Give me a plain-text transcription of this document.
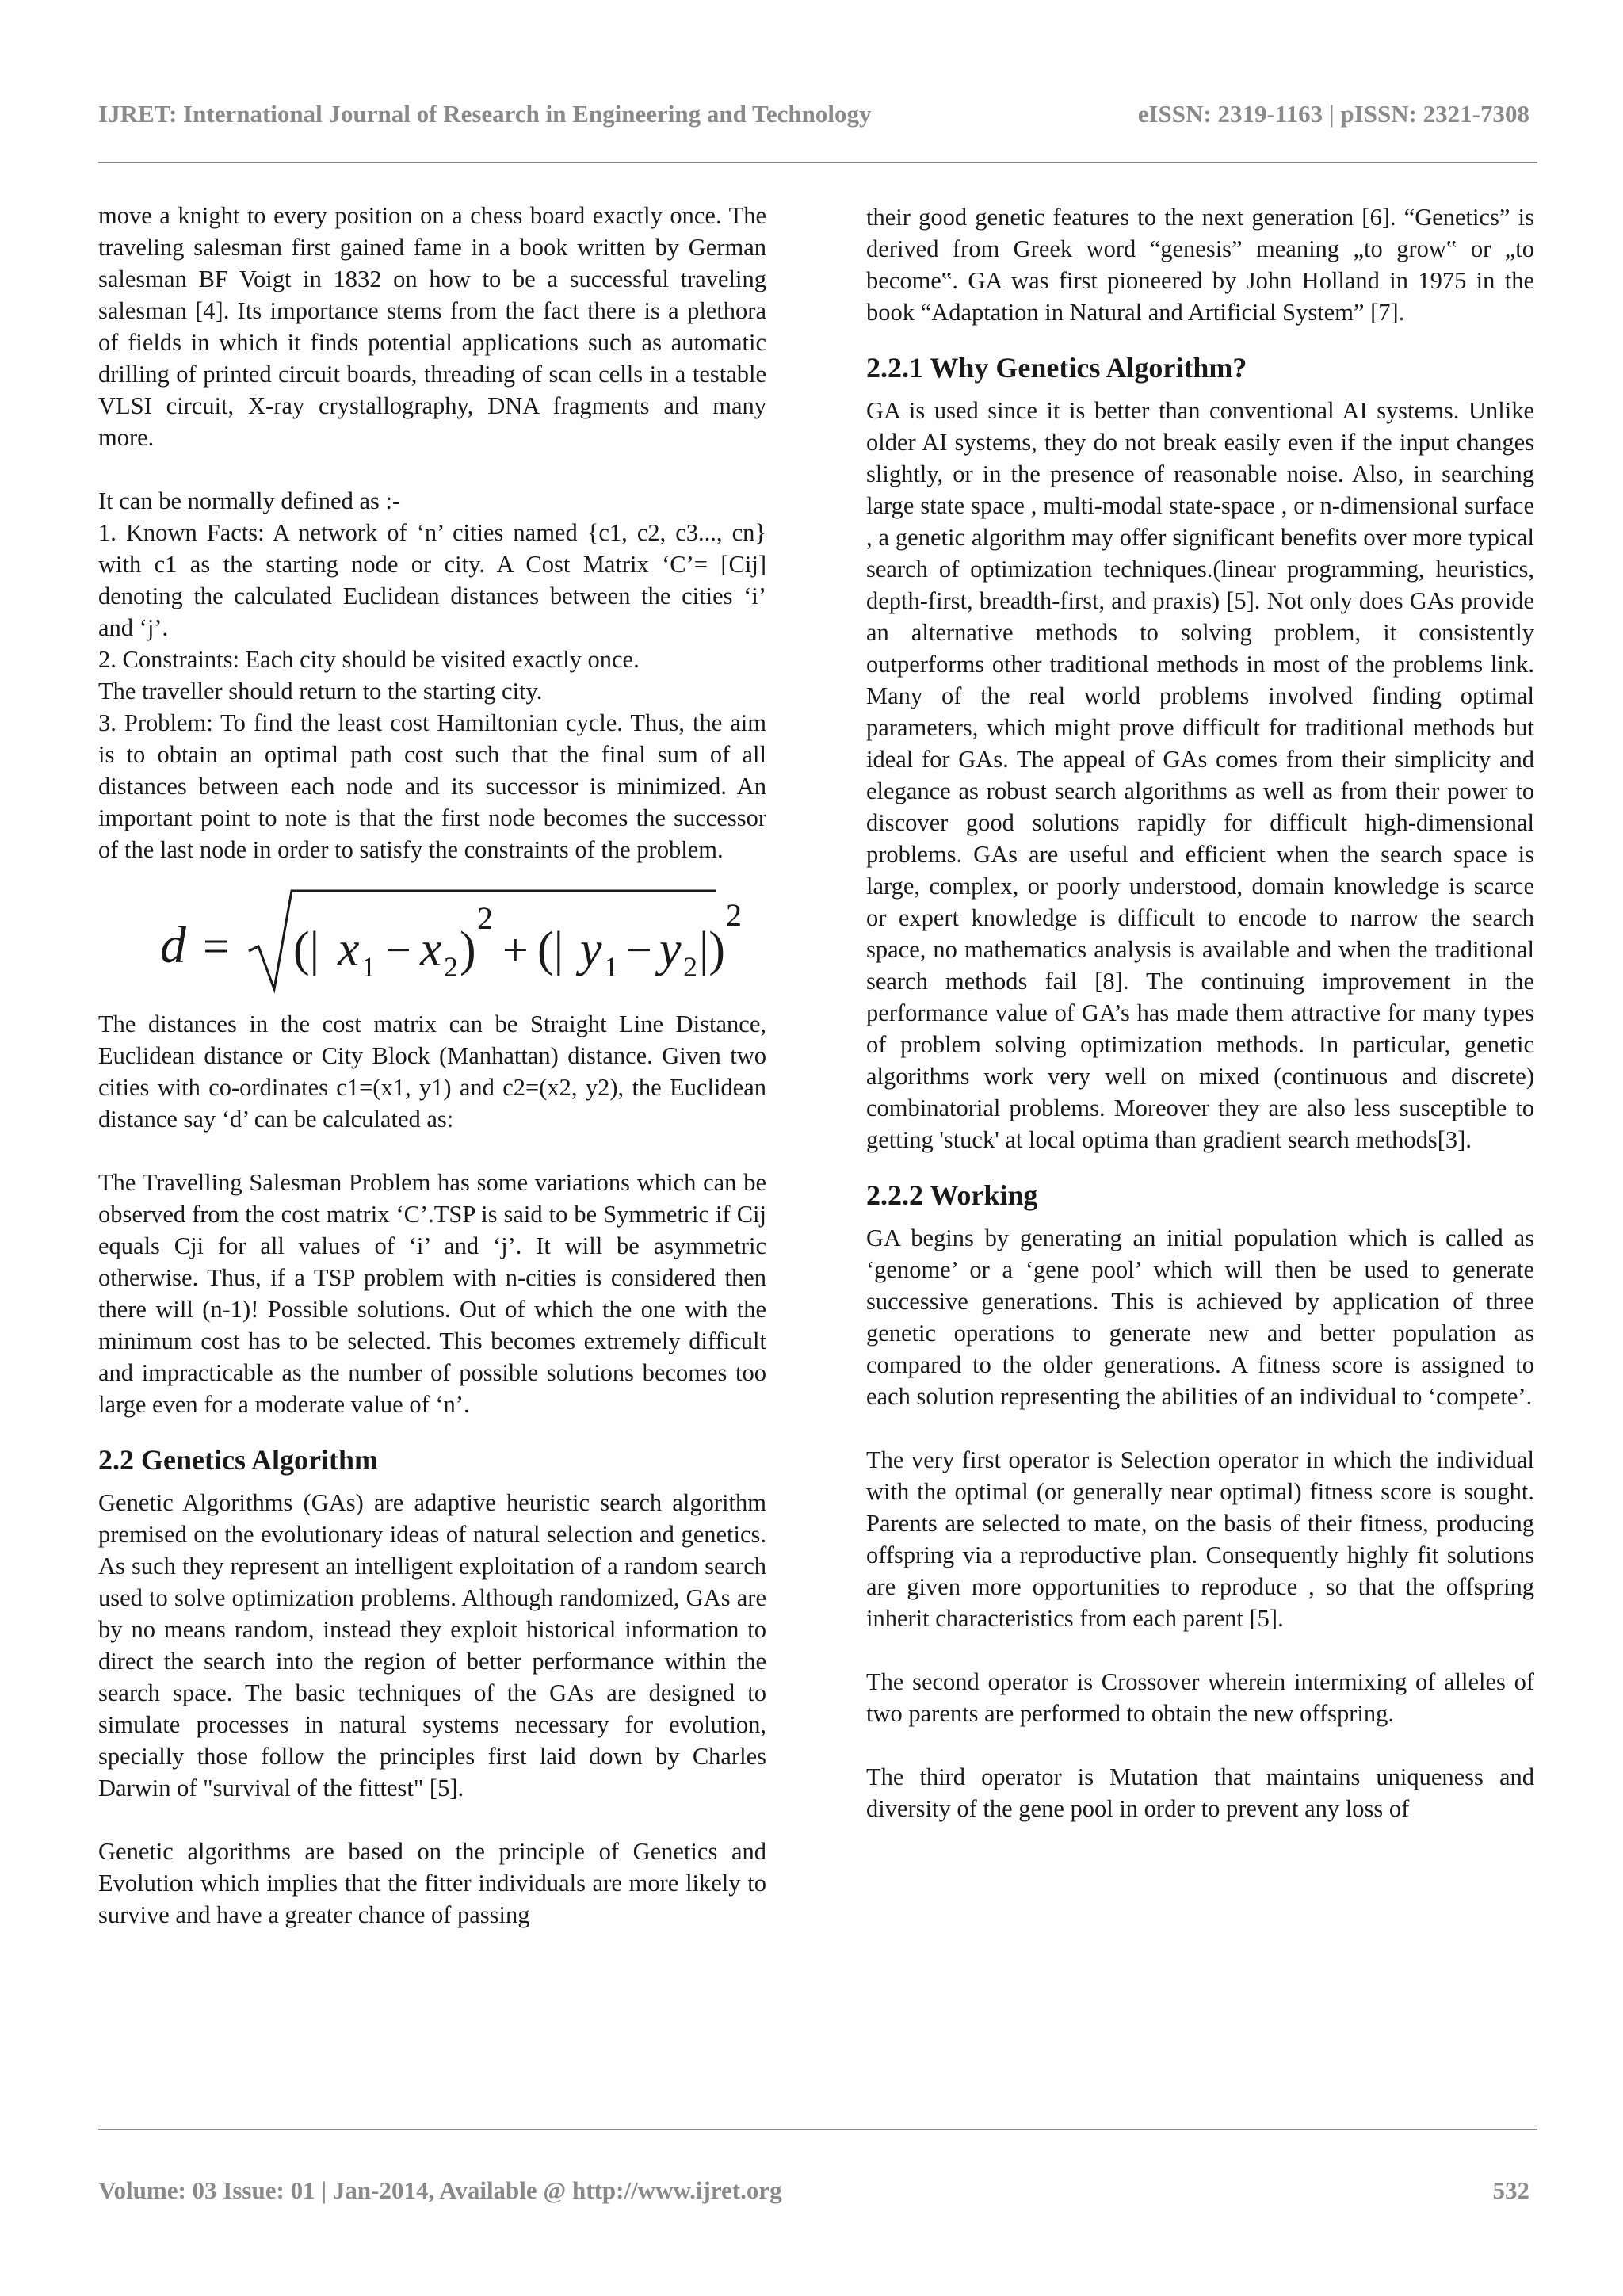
IJRET: International Journal of Research in Engineering and Technology	eISSN: 2319-1163 | pISSN: 2321-7308

move a knight to every position on a chess board exactly once. The traveling salesman first gained fame in a book written by German salesman BF Voigt in 1832 on how to be a successful traveling salesman [4]. Its importance stems from the fact there is a plethora of fields in which it finds potential applications such as automatic drilling of printed circuit boards, threading of scan cells in a testable VLSI circuit, X-ray crystallography, DNA fragments and many more.

It can be normally defined as :-

1. Known Facts: A network of ‘n’ cities named {c1, c2, c3..., cn} with c1 as the starting node or city. A Cost Matrix ‘C’= [Cij] denoting the calculated Euclidean distances between the cities ‘i’ and ‘j’.

2. Constraints: Each city should be visited exactly once.

The traveller should return to the starting city.

3. Problem: To find the least cost Hamiltonian cycle. Thus, the aim is to obtain an optimal path cost such that the final sum of all distances between each node and its successor is minimized. An important point to note is that the first node becomes the successor of the last node in order to satisfy the constraints of the problem.

d = (| x 1 − x 2 )
2
+ (| y 1 − y 2 |)
2

The distances in the cost matrix can be Straight Line Distance, Euclidean distance or City Block (Manhattan) distance. Given two cities with co-ordinates c1=(x1, y1) and c2=(x2, y2), the Euclidean distance say ‘d’ can be calculated as:

The Travelling Salesman Problem has some variations which can be observed from the cost matrix ‘C’.TSP is said to be Symmetric if Cij equals Cji for all values of ‘i’ and ‘j’. It will be asymmetric otherwise. Thus, if a TSP problem with n-cities is considered then there will (n-1)! Possible solutions. Out of which the one with the minimum cost has to be selected. This becomes extremely difficult and impracticable as the number of possible solutions becomes too large even for a moderate value of ‘n’.

2.2 Genetics Algorithm

Genetic Algorithms (GAs) are adaptive heuristic search algorithm premised on the evolutionary ideas of natural selection and genetics. As such they represent an intelligent exploitation of a random search used to solve optimization problems. Although randomized, GAs are by no means random, instead they exploit historical information to direct the search into the region of better performance within the search space. The basic techniques of the GAs are designed to simulate processes in natural systems necessary for evolution, specially those follow the principles first laid down by Charles Darwin of "survival of the fittest" [5].

Genetic algorithms are based on the principle of Genetics and Evolution which implies that the fitter individuals are more likely to survive and have a greater chance of passing

their good genetic features to the next generation [6]. “Genetics” is derived from Greek word “genesis” meaning „to grow‟ or „to become‟. GA was first pioneered by John Holland in 1975 in the book “Adaptation in Natural and Artificial System” [7].

2.2.1 Why Genetics Algorithm?

GA is used since it is better than conventional AI systems. Unlike older AI systems, they do not break easily even if the input changes slightly, or in the presence of reasonable noise. Also, in searching large state space , multi-modal state-space , or n-dimensional surface , a genetic algorithm may offer significant benefits over more typical search of optimization techniques.(linear programming, heuristics, depth-first, breadth-first, and praxis) [5]. Not only does GAs provide an alternative methods to solving problem, it consistently outperforms other traditional methods in most of the problems link. Many of the real world problems involved finding optimal parameters, which might prove difficult for traditional methods but ideal for GAs. The appeal of GAs comes from their simplicity and elegance as robust search algorithms as well as from their power to discover good solutions rapidly for difficult high-dimensional problems. GAs are useful and efficient when the search space is large, complex, or poorly understood, domain knowledge is scarce or expert knowledge is difficult to encode to narrow the search space, no mathematics analysis is available and when the traditional search methods fail [8]. The continuing improvement in the performance value of GA’s has made them attractive for many types of problem solving optimization methods. In particular, genetic algorithms work very well on mixed (continuous and discrete) combinatorial problems. Moreover they are also less susceptible to getting 'stuck' at local optima than gradient search methods[3].

2.2.2 Working

GA begins by generating an initial population which is called as ‘genome’ or a ‘gene pool’ which will then be used to generate successive generations. This is achieved by application of three genetic operations to generate new and better population as compared to the older generations. A fitness score is assigned to each solution representing the abilities of an individual to ‘compete’.

The very first operator is Selection operator in which the individual with the optimal (or generally near optimal) fitness score is sought. Parents are selected to mate, on the basis of their fitness, producing offspring via a reproductive plan. Consequently highly fit solutions are given more opportunities to reproduce , so that the offspring inherit characteristics from each parent [5].

The second operator is Crossover wherein intermixing of alleles of two parents are performed to obtain the new offspring.

The third operator is Mutation that maintains uniqueness and diversity of the gene pool in order to prevent any loss of

Volume: 03 Issue: 01 | Jan-2014, Available @ http://www.ijret.org	532
